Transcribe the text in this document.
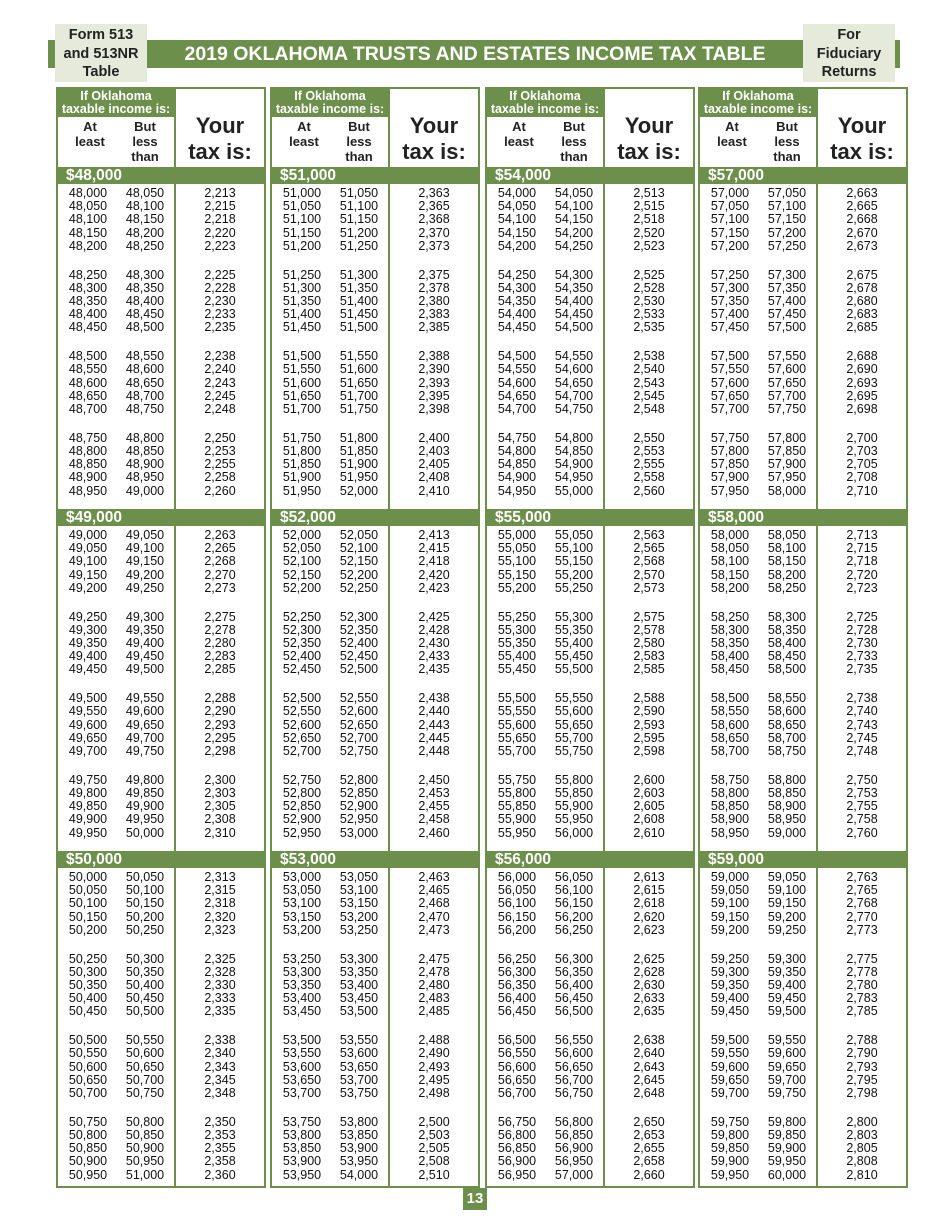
Form 513
and 513NR
Table
2019 OKLAHOMA TRUSTS AND ESTATES INCOME TAX TABLE
For
Fiduciary
Returns
If Oklahoma
taxable income is:
At
least
But
less
than
Your
tax is:
$48,000
48,000	48,050	2,213
48,050	48,100	2,215
48,100	48,150	2,218
48,150	48,200	2,220
48,200	48,250	2,223
48,250	48,300	2,225
48,300	48,350	2,228
48,350	48,400	2,230
48,400	48,450	2,233
48,450	48,500	2,235
48,500	48,550	2,238
48,550	48,600	2,240
48,600	48,650	2,243
48,650	48,700	2,245
48,700	48,750	2,248
48,750	48,800	2,250
48,800	48,850	2,253
48,850	48,900	2,255
48,900	48,950	2,258
48,950	49,000	2,260
$49,000
49,000	49,050	2,263
49,050	49,100	2,265
49,100	49,150	2,268
49,150	49,200	2,270
49,200	49,250	2,273
49,250	49,300	2,275
49,300	49,350	2,278
49,350	49,400	2,280
49,400	49,450	2,283
49,450	49,500	2,285
49,500	49,550	2,288
49,550	49,600	2,290
49,600	49,650	2,293
49,650	49,700	2,295
49,700	49,750	2,298
49,750	49,800	2,300
49,800	49,850	2,303
49,850	49,900	2,305
49,900	49,950	2,308
49,950	50,000	2,310
$50,000
50,000	50,050	2,313
50,050	50,100	2,315
50,100	50,150	2,318
50,150	50,200	2,320
50,200	50,250	2,323
50,250	50,300	2,325
50,300	50,350	2,328
50,350	50,400	2,330
50,400	50,450	2,333
50,450	50,500	2,335
50,500	50,550	2,338
50,550	50,600	2,340
50,600	50,650	2,343
50,650	50,700	2,345
50,700	50,750	2,348
50,750	50,800	2,350
50,800	50,850	2,353
50,850	50,900	2,355
50,900	50,950	2,358
50,950	51,000	2,360
If Oklahoma
taxable income is:
At
least
But
less
than
Your
tax is:
$51,000
51,000	51,050	2,363
51,050	51,100	2,365
51,100	51,150	2,368
51,150	51,200	2,370
51,200	51,250	2,373
51,250	51,300	2,375
51,300	51,350	2,378
51,350	51,400	2,380
51,400	51,450	2,383
51,450	51,500	2,385
51,500	51,550	2,388
51,550	51,600	2,390
51,600	51,650	2,393
51,650	51,700	2,395
51,700	51,750	2,398
51,750	51,800	2,400
51,800	51,850	2,403
51,850	51,900	2,405
51,900	51,950	2,408
51,950	52,000	2,410
$52,000
52,000	52,050	2,413
52,050	52,100	2,415
52,100	52,150	2,418
52,150	52,200	2,420
52,200	52,250	2,423
52,250	52,300	2,425
52,300	52,350	2,428
52,350	52,400	2,430
52,400	52,450	2,433
52,450	52,500	2,435
52,500	52,550	2,438
52,550	52,600	2,440
52,600	52,650	2,443
52,650	52,700	2,445
52,700	52,750	2,448
52,750	52,800	2,450
52,800	52,850	2,453
52,850	52,900	2,455
52,900	52,950	2,458
52,950	53,000	2,460
$53,000
53,000	53,050	2,463
53,050	53,100	2,465
53,100	53,150	2,468
53,150	53,200	2,470
53,200	53,250	2,473
53,250	53,300	2,475
53,300	53,350	2,478
53,350	53,400	2,480
53,400	53,450	2,483
53,450	53,500	2,485
53,500	53,550	2,488
53,550	53,600	2,490
53,600	53,650	2,493
53,650	53,700	2,495
53,700	53,750	2,498
53,750	53,800	2,500
53,800	53,850	2,503
53,850	53,900	2,505
53,900	53,950	2,508
53,950	54,000	2,510
If Oklahoma
taxable income is:
At
least
But
less
than
Your
tax is:
$54,000
54,000	54,050	2,513
54,050	54,100	2,515
54,100	54,150	2,518
54,150	54,200	2,520
54,200	54,250	2,523
54,250	54,300	2,525
54,300	54,350	2,528
54,350	54,400	2,530
54,400	54,450	2,533
54,450	54,500	2,535
54,500	54,550	2,538
54,550	54,600	2,540
54,600	54,650	2,543
54,650	54,700	2,545
54,700	54,750	2,548
54,750	54,800	2,550
54,800	54,850	2,553
54,850	54,900	2,555
54,900	54,950	2,558
54,950	55,000	2,560
$55,000
55,000	55,050	2,563
55,050	55,100	2,565
55,100	55,150	2,568
55,150	55,200	2,570
55,200	55,250	2,573
55,250	55,300	2,575
55,300	55,350	2,578
55,350	55,400	2,580
55,400	55,450	2,583
55,450	55,500	2,585
55,500	55,550	2,588
55,550	55,600	2,590
55,600	55,650	2,593
55,650	55,700	2,595
55,700	55,750	2,598
55,750	55,800	2,600
55,800	55,850	2,603
55,850	55,900	2,605
55,900	55,950	2,608
55,950	56,000	2,610
$56,000
56,000	56,050	2,613
56,050	56,100	2,615
56,100	56,150	2,618
56,150	56,200	2,620
56,200	56,250	2,623
56,250	56,300	2,625
56,300	56,350	2,628
56,350	56,400	2,630
56,400	56,450	2,633
56,450	56,500	2,635
56,500	56,550	2,638
56,550	56,600	2,640
56,600	56,650	2,643
56,650	56,700	2,645
56,700	56,750	2,648
56,750	56,800	2,650
56,800	56,850	2,653
56,850	56,900	2,655
56,900	56,950	2,658
56,950	57,000	2,660
If Oklahoma
taxable income is:
At
least
But
less
than
Your
tax is:
$57,000
57,000	57,050	2,663
57,050	57,100	2,665
57,100	57,150	2,668
57,150	57,200	2,670
57,200	57,250	2,673
57,250	57,300	2,675
57,300	57,350	2,678
57,350	57,400	2,680
57,400	57,450	2,683
57,450	57,500	2,685
57,500	57,550	2,688
57,550	57,600	2,690
57,600	57,650	2,693
57,650	57,700	2,695
57,700	57,750	2,698
57,750	57,800	2,700
57,800	57,850	2,703
57,850	57,900	2,705
57,900	57,950	2,708
57,950	58,000	2,710
$58,000
58,000	58,050	2,713
58,050	58,100	2,715
58,100	58,150	2,718
58,150	58,200	2,720
58,200	58,250	2,723
58,250	58,300	2,725
58,300	58,350	2,728
58,350	58,400	2,730
58,400	58,450	2,733
58,450	58,500	2,735
58,500	58,550	2,738
58,550	58,600	2,740
58,600	58,650	2,743
58,650	58,700	2,745
58,700	58,750	2,748
58,750	58,800	2,750
58,800	58,850	2,753
58,850	58,900	2,755
58,900	58,950	2,758
58,950	59,000	2,760
$59,000
59,000	59,050	2,763
59,050	59,100	2,765
59,100	59,150	2,768
59,150	59,200	2,770
59,200	59,250	2,773
59,250	59,300	2,775
59,300	59,350	2,778
59,350	59,400	2,780
59,400	59,450	2,783
59,450	59,500	2,785
59,500	59,550	2,788
59,550	59,600	2,790
59,600	59,650	2,793
59,650	59,700	2,795
59,700	59,750	2,798
59,750	59,800	2,800
59,800	59,850	2,803
59,850	59,900	2,805
59,900	59,950	2,808
59,950	60,000	2,810
13
